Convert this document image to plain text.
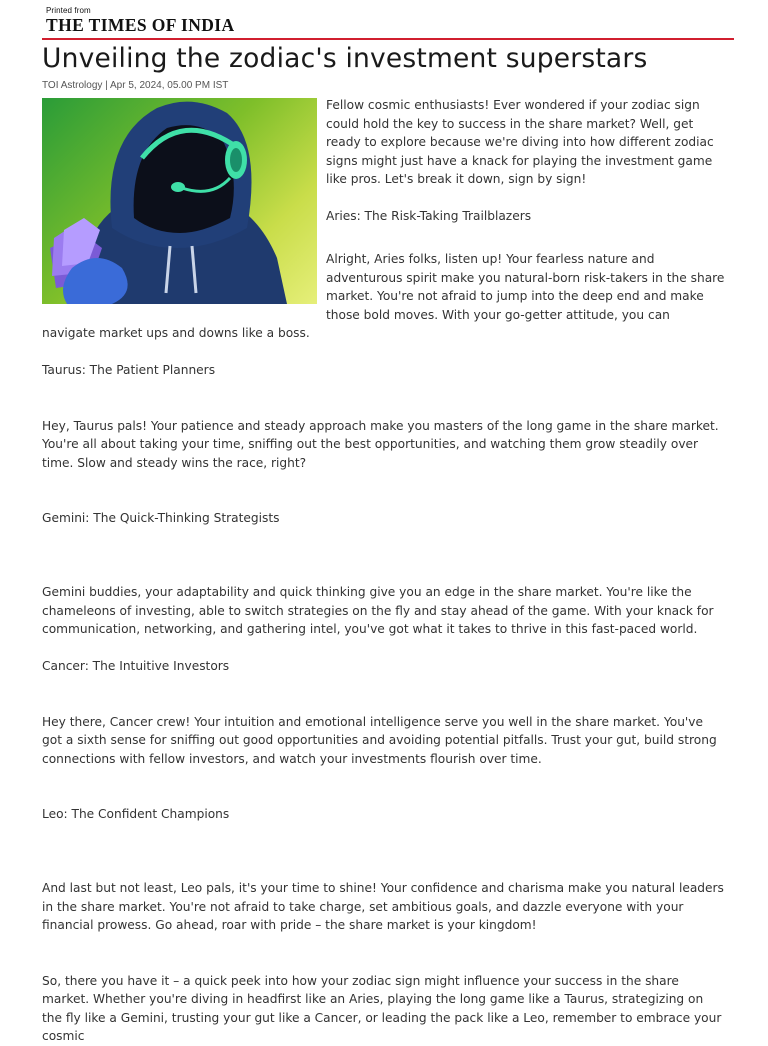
Printed from
THE TIMES OF INDIA
Unveiling the zodiac's investment superstars
TOI Astrology | Apr 5, 2024, 05.00 PM IST

Fellow cosmic enthusiasts! Ever wondered if your zodiac sign could hold the key to success in the share market? Well, get ready to explore because we're diving into how different zodiac signs might just have a knack for playing the investment game like pros. Let's break it down, sign by sign!

Aries: The Risk-Taking Trailblazers

Alright, Aries folks, listen up! Your fearless nature and adventurous spirit make you natural-born risk-takers in the share market. You're not afraid to jump into the deep end and make those bold moves. With your go-getter attitude, you can navigate market ups and downs like a boss.

Taurus: The Patient Planners

Hey, Taurus pals! Your patience and steady approach make you masters of the long game in the share market. You're all about taking your time, sniffing out the best opportunities, and watching them grow steadily over time. Slow and steady wins the race, right?

Gemini: The Quick-Thinking Strategists

Gemini buddies, your adaptability and quick thinking give you an edge in the share market. You're like the chameleons of investing, able to switch strategies on the fly and stay ahead of the game. With your knack for communication, networking, and gathering intel, you've got what it takes to thrive in this fast-paced world.

Cancer: The Intuitive Investors

Hey there, Cancer crew! Your intuition and emotional intelligence serve you well in the share market. You've got a sixth sense for sniffing out good opportunities and avoiding potential pitfalls. Trust your gut, build strong connections with fellow investors, and watch your investments flourish over time.

Leo: The Confident Champions

And last but not least, Leo pals, it's your time to shine! Your confidence and charisma make you natural leaders in the share market. You're not afraid to take charge, set ambitious goals, and dazzle everyone with your financial prowess. Go ahead, roar with pride – the share market is your kingdom!

So, there you have it – a quick peek into how your zodiac sign might influence your success in the share market. Whether you're diving in headfirst like an Aries, playing the long game like a Taurus, strategizing on the fly like a Gemini, trusting your gut like a Cancer, or leading the pack like a Leo, remember to embrace your cosmic
